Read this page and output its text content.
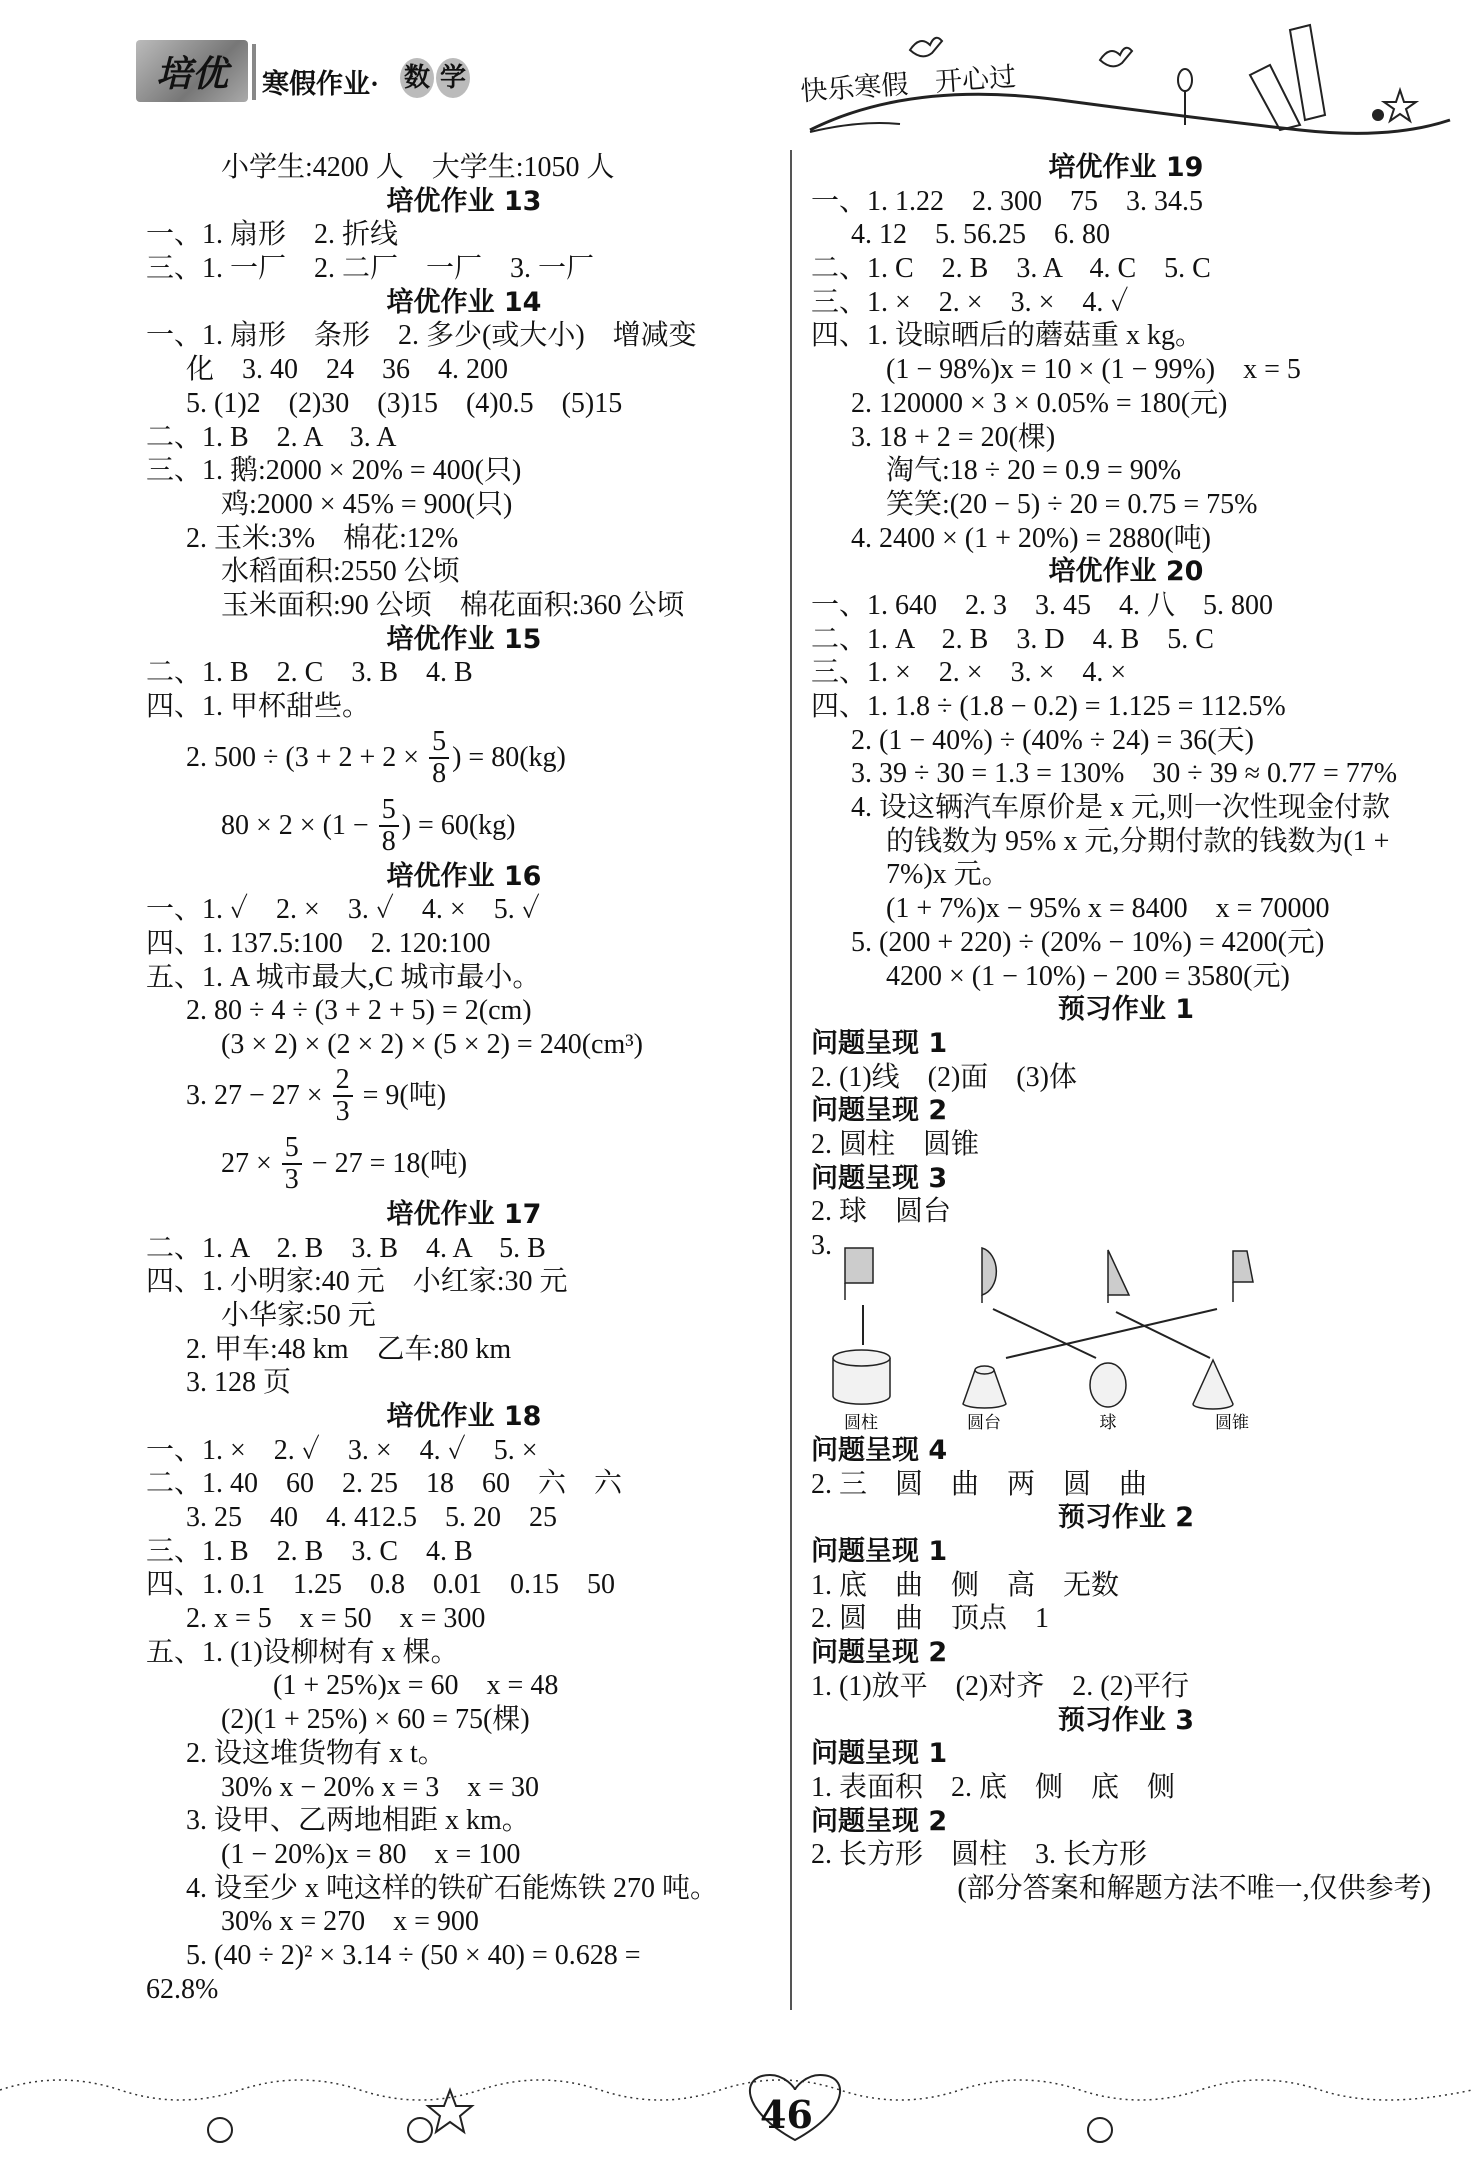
培优	寒假作业· 数 学	快乐寒假　开心过
小学生:4200 人　大学生:1050 人
培优作业 13
一、1. 扇形　2. 折线
三、1. 一厂　2. 二厂　一厂　3. 一厂
培优作业 14
一、1. 扇形　条形　2. 多少(或大小)　增减变
化　3. 40　24　36　4. 200
5. (1)2　(2)30　(3)15　(4)0.5　(5)15
二、1. B　2. A　3. A
三、1. 鹅:2000 × 20% = 400(只)
鸡:2000 × 45% = 900(只)
2. 玉米:3%　棉花:12%
水稻面积:2550 公顷
玉米面积:90 公顷　棉花面积:360 公顷
培优作业 15
二、1. B　2. C　3. B　4. B
四、1. 甲杯甜些。
2. $500 \div (3 + 2 + 2 \times \frac{5}{8}$ ) = 80(kg)
$80 \times 2 \times (1 - \frac{5}{8}$ ) = 60(kg)
培优作业 16
一、1. ✓　2. ×　3. ✓　4. ×　5. ✓
四、1. 137.5:100　2. 120:100
五、1. A 城市最大,C 城市最小。
2. 80 ÷ 4 ÷ (3 + 2 + 5) = 2(cm)
(3 × 2) × (2 × 2) × (5 × 2) = 240(cm³)
3. $27 - 27 \times \frac{2}{3} = 9$(吨)
$27 \times \frac{5}{3} - 27 = 18$(吨)
培优作业 17
二、1. A　2. B　3. B　4. A　5. B
四、1. 小明家:40 元　小红家:30 元
小华家:50 元
2. 甲车:48 km　乙车:80 km
3. 128 页
培优作业 18
一、1. ×　2. ✓　3. ×　4. ✓　5. ×
二、1. 40　60　2. 25　18　60　六　六
3. 25　40　4. 412.5　5. 20　25
三、1. B　2. B　3. C　4. B
四、1. 0.1　1.25　0.8　0.01　0.15　50
2. x = 5　x = 50　x = 300
五、1. (1)设柳树有 x 棵。
(1 + 25%)x = 60　x = 48
(2)(1 + 25%) × 60 = 75(棵)
2. 设这堆货物有 x t。
30% x − 20% x = 3　x = 30
3. 设甲、乙两地相距 x km。
(1 − 20%)x = 80　x = 100
4. 设至少 x 吨这样的铁矿石能炼铁 270 吨。
30% x = 270　x = 900
5. (40 ÷ 2)² × 3.14 ÷ (50 × 40) = 0.628 =
62.8%
培优作业 19
一、1. 1.22　2. 300　75　3. 34.5
4. 12　5. 56.25　6. 80
二、1. C　2. B　3. A　4. C　5. C
三、1. ×　2. ×　3. ×　4. ✓
四、1. 设晾晒后的蘑菇重 x kg。
(1 − 98%)x = 10 × (1 − 99%)　x = 5
2. 120000 × 3 × 0.05% = 180(元)
3. 18 + 2 = 20(棵)
淘气:18 ÷ 20 = 0.9 = 90%
笑笑:(20 − 5) ÷ 20 = 0.75 = 75%
4. 2400 × (1 + 20%) = 2880(吨)
培优作业 20
一、1. 640　2. 3　3. 45　4. 八　5. 800
二、1. A　2. B　3. D　4. B　5. C
三、1. ×　2. ×　3. ×　4. ×
四、1. 1.8 ÷ (1.8 − 0.2) = 1.125 = 112.5%
2. (1 − 40%) ÷ (40% ÷ 24) = 36(天)
3. 39 ÷ 30 = 1.3 = 130%　30 ÷ 39 ≈ 0.77 = 77%
4. 设这辆汽车原价是 x 元,则一次性现金付款
的钱数为 95% x 元,分期付款的钱数为(1 +
7%)x 元。
(1 + 7%)x − 95% x = 8400　x = 70000
5. (200 + 220) ÷ (20% − 10%) = 4200(元)
4200 × (1 − 10%) − 200 = 3580(元)
预习作业 1
问题呈现 1
2. (1)线　(2)面　(3)体
问题呈现 2
2. 圆柱　圆锥
问题呈现 3
2. 球　圆台
3.
问题呈现 4
2. 三　圆　曲　两　圆　曲
预习作业 2
问题呈现 1
1. 底　曲　侧　高　无数
2. 圆　曲　顶点　1
问题呈现 2
1. (1)放平　(2)对齐　2. (2)平行
预习作业 3
问题呈现 1
1. 表面积　2. 底　侧　底　侧
问题呈现 2
2. 长方形　圆柱　3. 长方形
(部分答案和解题方法不唯一,仅供参考)
圆柱	圆台	球	圆锥
46
